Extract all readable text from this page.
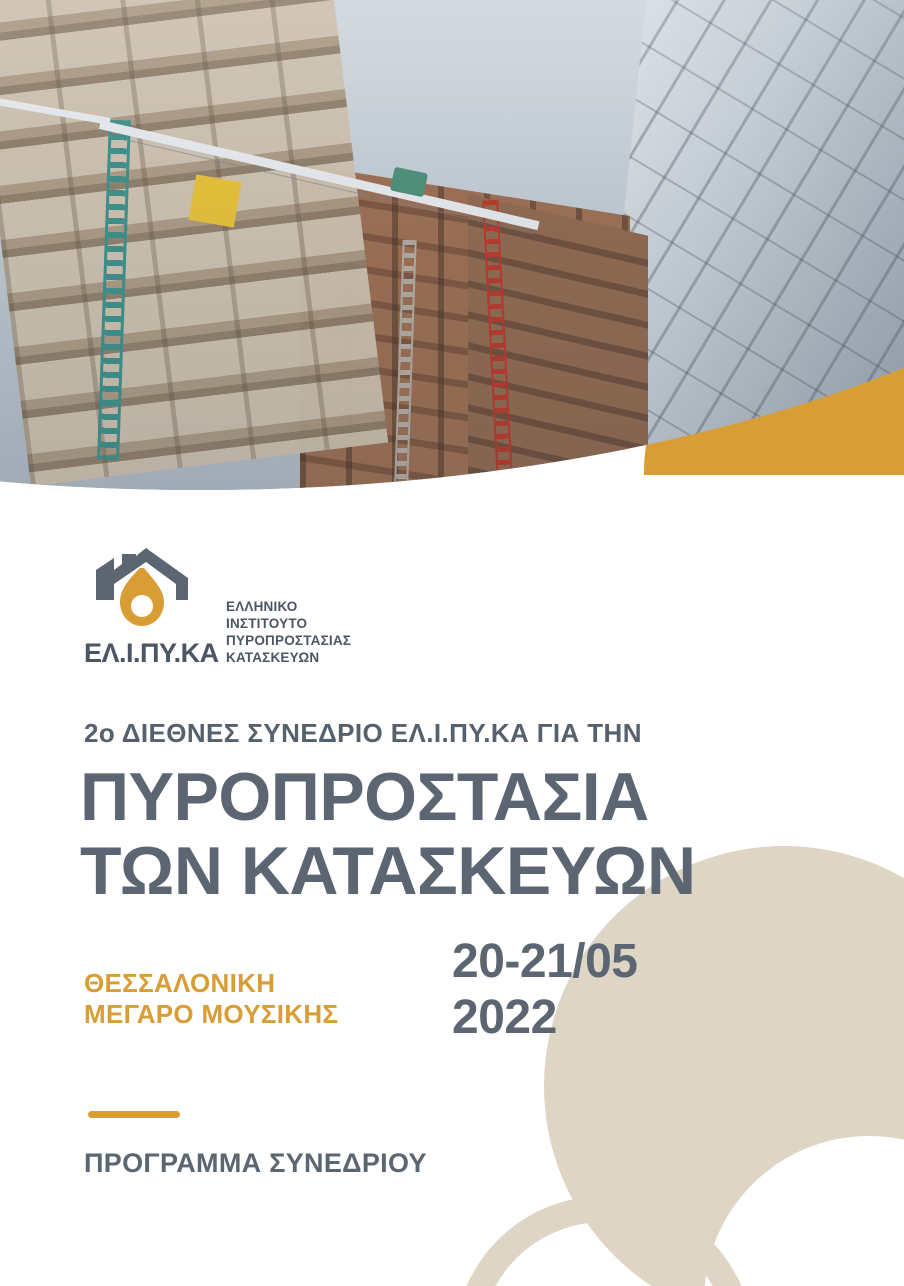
ΕΛ.Ι.ΠΥ.ΚΑ
ΕΛΛΗΝΙΚΟ
ΙΝΣΤΙΤΟΥΤΟ
ΠΥΡΟΠΡΟΣΤΑΣΙΑΣ
ΚΑΤΑΣΚΕΥΩΝ
2ο ΔΙΕΘΝΕΣ ΣΥΝΕΔΡΙΟ ΕΛ.Ι.ΠΥ.ΚΑ ΓΙΑ ΤΗΝ
ΠΥΡΟΠΡΟΣΤΑΣΙΑ
ΤΩΝ ΚΑΤΑΣΚΕΥΩΝ
ΘΕΣΣΑΛΟΝΙΚΗ
ΜΕΓΑΡΟ ΜΟΥΣΙΚΗΣ
20-21/05
2022
ΠΡΟΓΡΑΜΜΑ ΣΥΝΕΔΡΙΟΥ
